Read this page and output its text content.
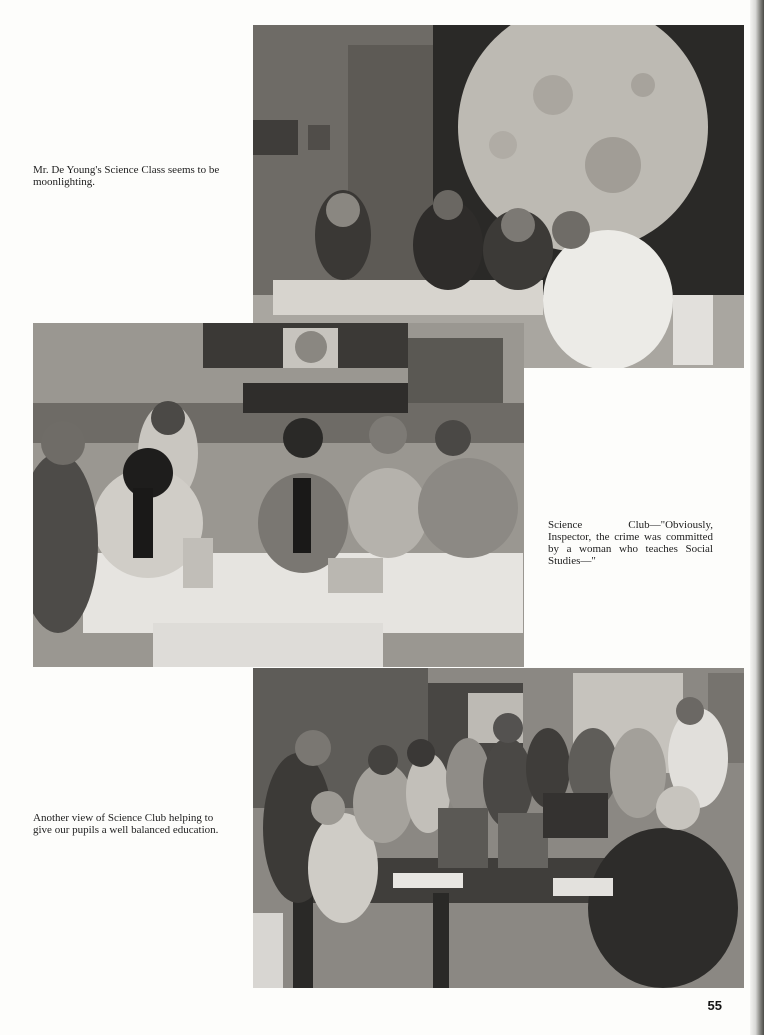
Mr. De Young's Science Class seems to be moonlighting.
Science Club—"Obviously, Inspector, the crime was committed by a woman who teaches Social Studies—"
Another view of Science Club helping to give our pupils a well balanced education.
55
